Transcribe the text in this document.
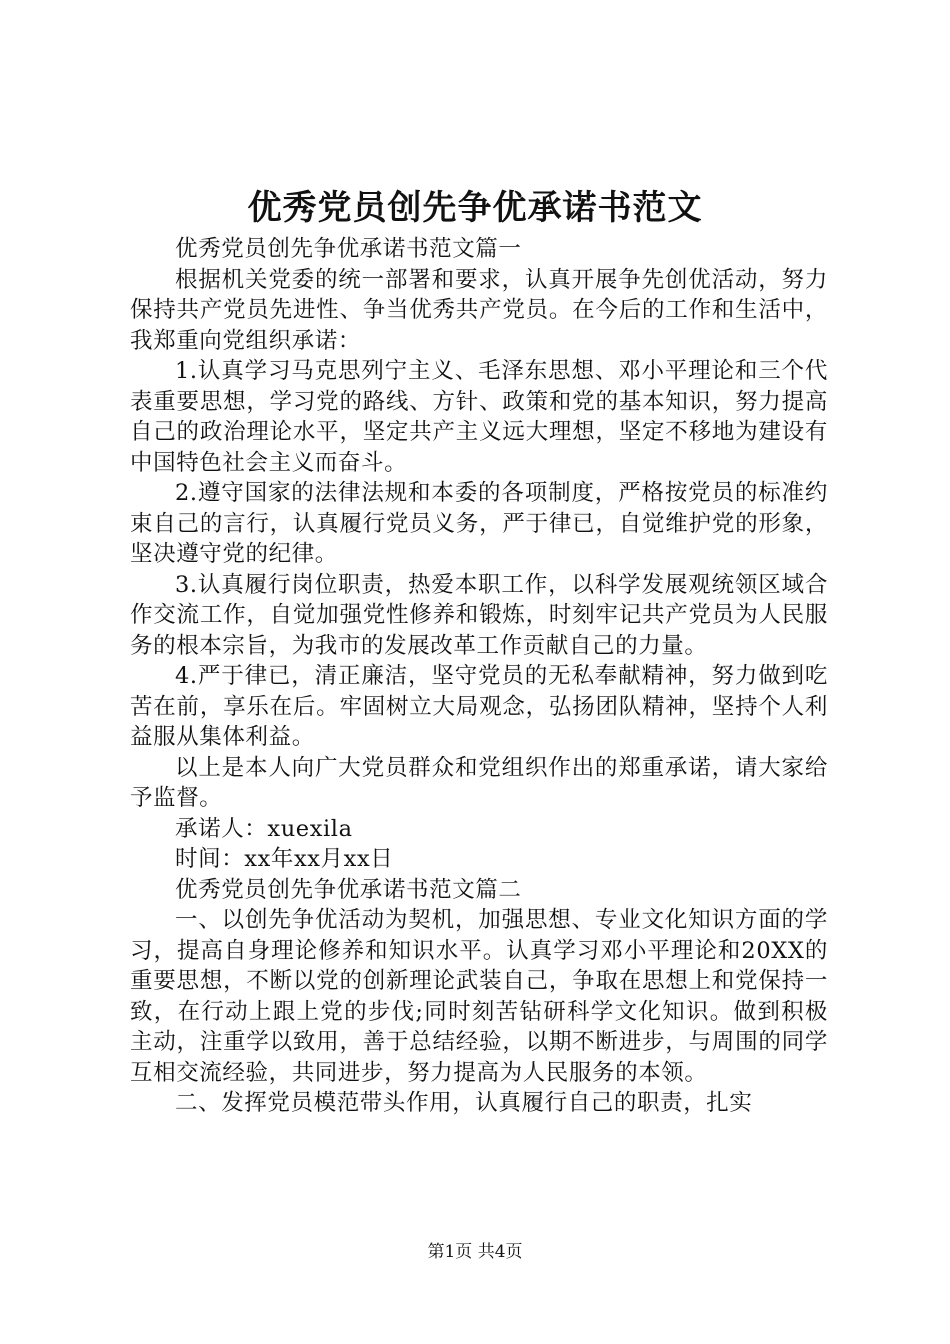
优秀党员创先争优承诺书范文

优秀党员创先争优承诺书范文篇一

根据机关党委的统一部署和要求，认真开展争先创优活动，努力保持共产党员先进性、争当优秀共产党员。在今后的工作和生活中，我郑重向党组织承诺：

1.认真学习马克思列宁主义、毛泽东思想、邓小平理论和三个代表重要思想，学习党的路线、方针、政策和党的基本知识，努力提高自己的政治理论水平，坚定共产主义远大理想，坚定不移地为建设有中国特色社会主义而奋斗。

2.遵守国家的法律法规和本委的各项制度，严格按党员的标准约束自己的言行，认真履行党员义务，严于律已，自觉维护党的形象，坚决遵守党的纪律。

3.认真履行岗位职责，热爱本职工作，以科学发展观统领区域合作交流工作，自觉加强党性修养和锻炼，时刻牢记共产党员为人民服务的根本宗旨，为我市的发展改革工作贡献自己的力量。

4.严于律已，清正廉洁，坚守党员的无私奉献精神，努力做到吃苦在前，享乐在后。牢固树立大局观念，弘扬团队精神，坚持个人利益服从集体利益。

以上是本人向广大党员群众和党组织作出的郑重承诺，请大家给予监督。

承诺人：xuexila

时间：xx年xx月xx日

优秀党员创先争优承诺书范文篇二

一、以创先争优活动为契机，加强思想、专业文化知识方面的学习，提高自身理论修养和知识水平。认真学习邓小平理论和20XX的重要思想，不断以党的创新理论武装自己，争取在思想上和党保持一致，在行动上跟上党的步伐;同时刻苦钻研科学文化知识。做到积极主动，注重学以致用，善于总结经验，以期不断进步，与周围的同学互相交流经验，共同进步，努力提高为人民服务的本领。

二、发挥党员模范带头作用，认真履行自己的职责，扎实

第1页 共4页
